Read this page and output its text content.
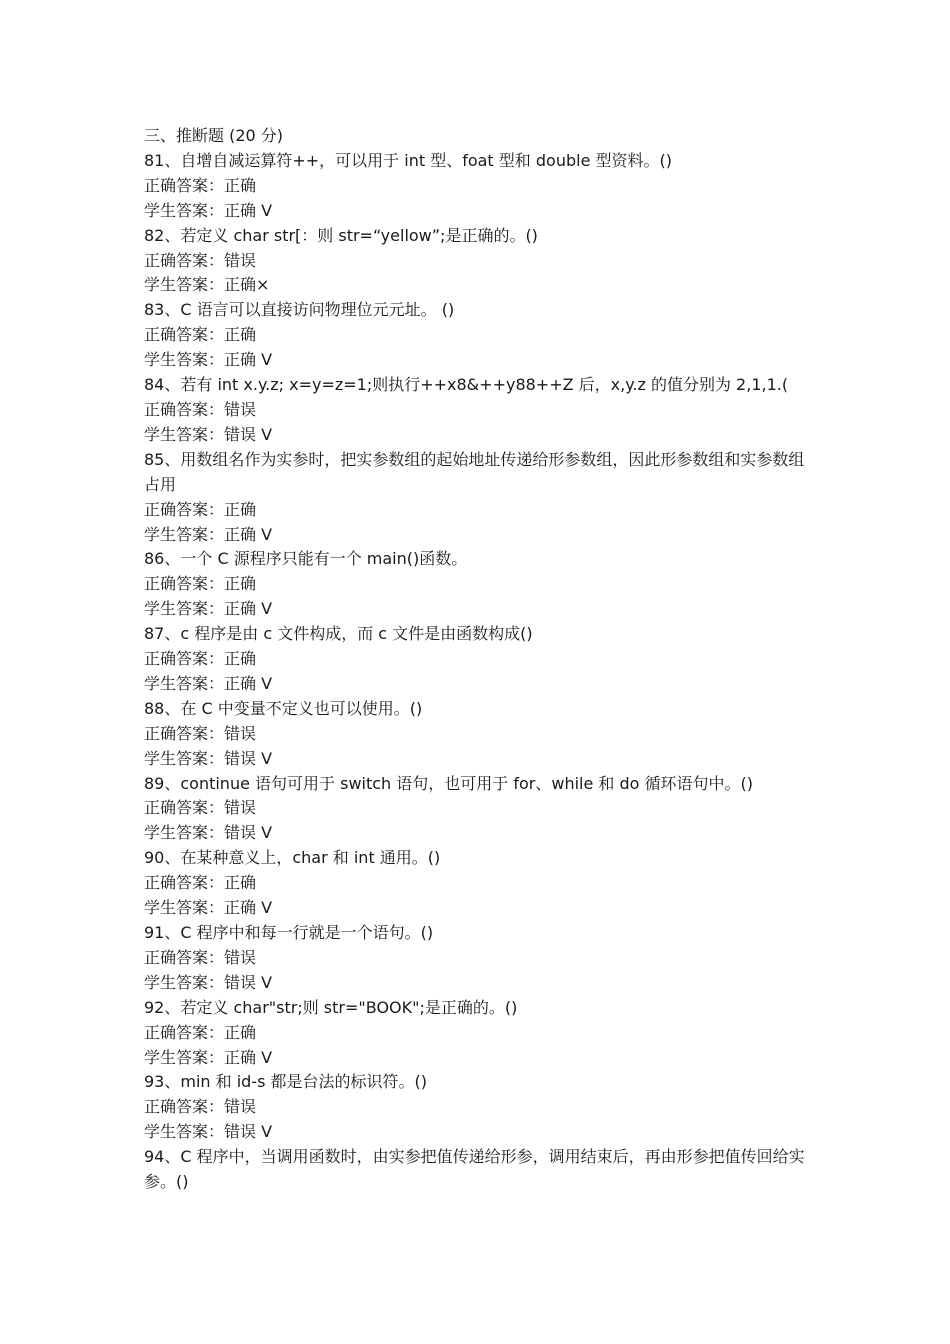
三、推断题 (20 分)

81、自增自减运算符++，可以用于 int 型、foat 型和 double 型资料。()

正确答案：正确

学生答案：正确 V

82、若定义 char str[：则 str=“yellow”;是正确的。()

正确答案：错误

学生答案：正确×

83、C 语言可以直接访问物理位元元址。 ()

正确答案：正确

学生答案：正确 V

84、若有 int x.y.z; x=y=z=1;则执行++x8&++y88++Z 后，x,y.z 的值分别为 2,1,1.(

正确答案：错误

学生答案：错误 V

85、用数组名作为实参时，把实参数组的起始地址传递给形参数组，因此形参数组和实参数组占用

正确答案：正确

学生答案：正确 V

86、一个 C 源程序只能有一个 main()函数。

正确答案：正确

学生答案：正确 V

87、c 程序是由 c 文件构成，而 c 文件是由函数构成()

正确答案：正确

学生答案：正确 V

88、在 C 中变量不定义也可以使用。()

正确答案：错误

学生答案：错误 V

89、continue 语句可用于 switch 语句，也可用于 for、while 和 do 循环语句中。()

正确答案：错误

学生答案：错误 V

90、在某种意义上，char 和 int 通用。()

正确答案：正确

学生答案：正确 V

91、C 程序中和每一行就是一个语句。()

正确答案：错误

学生答案：错误 V

92、若定义 char"str;则 str="BOOK";是正确的。()

正确答案：正确

学生答案：正确 V

93、min 和 id-s 都是台法的标识符。()

正确答案：错误

学生答案：错误 V

94、C 程序中，当调用函数时，由实参把值传递给形参，调用结束后，再由形参把值传回给实参。()
